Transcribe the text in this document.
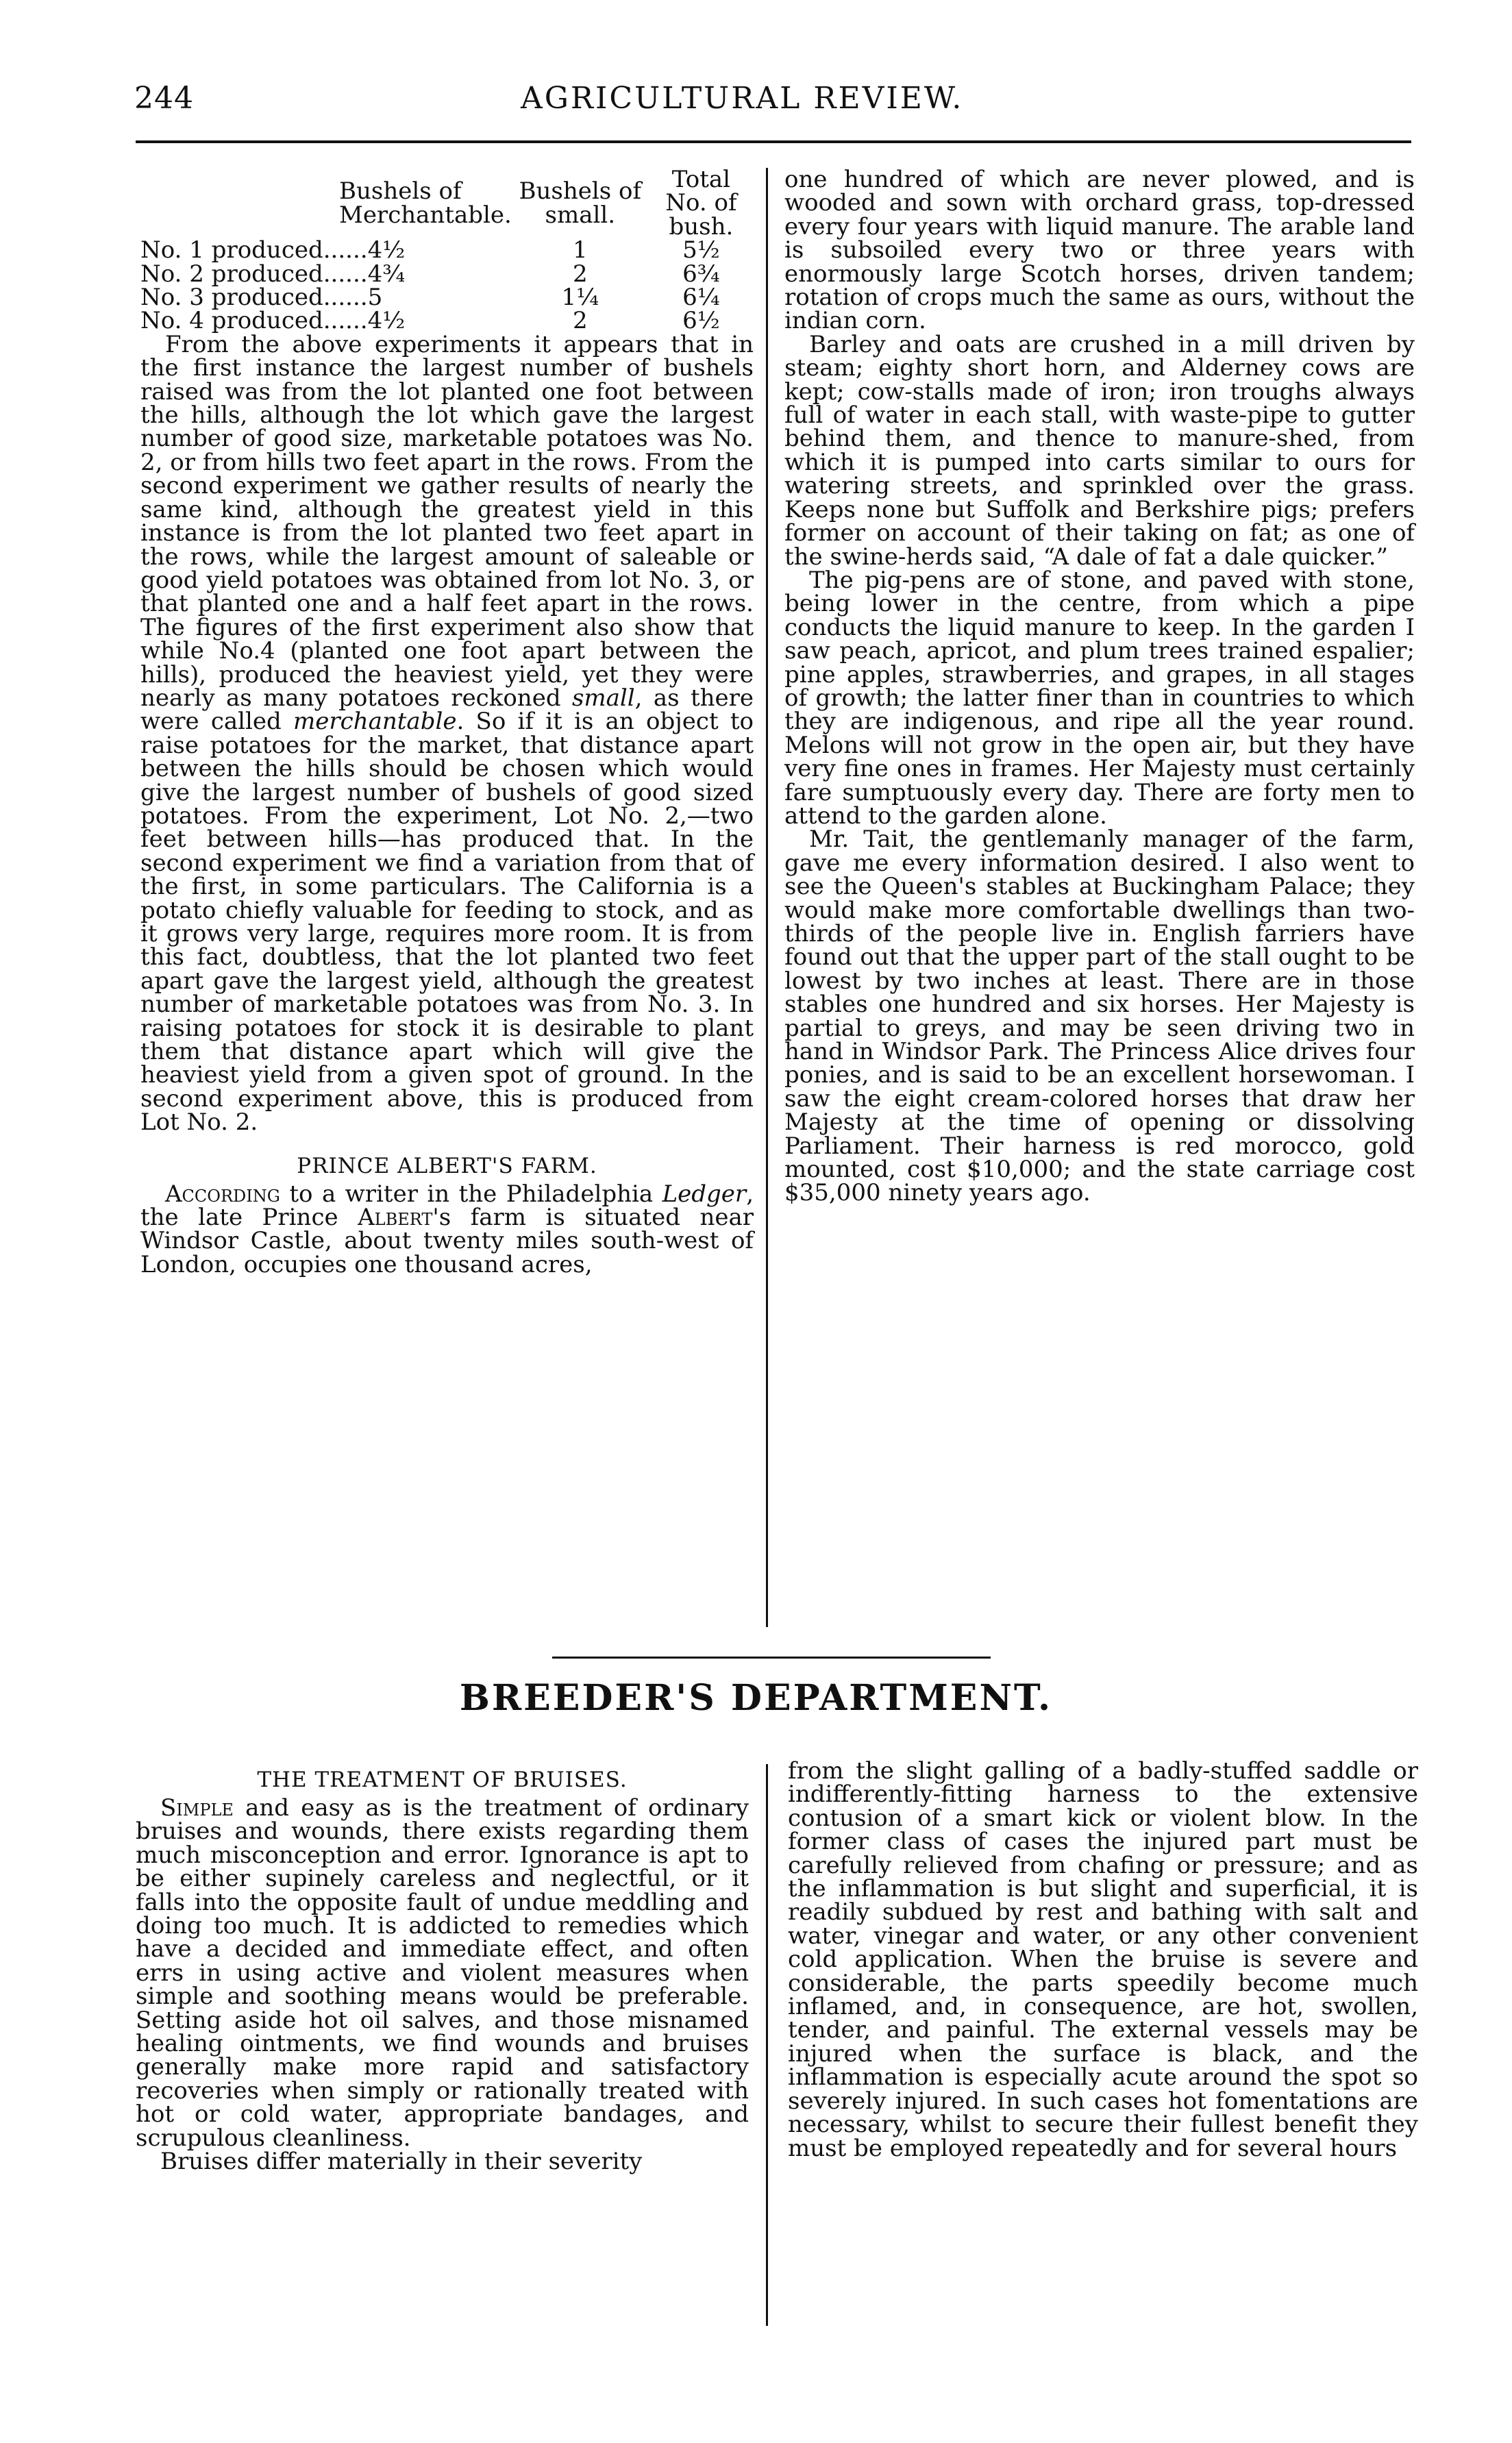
244	AGRICULTURAL REVIEW.
	Bushels of Merchantable.	Bushels of small.	Total No. of bush.
No. 1 produced......4½		1	5½
No. 2 produced......4¾		2	6¾
No. 3 produced......5		1¼	6¼
No. 4 produced......4½		2	6½

From the above experiments it appears that in the first instance the largest number of bushels raised was from the lot planted one foot between the hills, although the lot which gave the largest number of good size, marketable potatoes was No. 2, or from hills two feet apart in the rows. From the second experiment we gather results of nearly the same kind, although the greatest yield in this instance is from the lot planted two feet apart in the rows, while the largest amount of saleable or good yield potatoes was obtained from lot No. 3, or that planted one and a half feet apart in the rows. The figures of the first experiment also show that while No.4 (planted one foot apart between the hills), produced the heaviest yield, yet they were nearly as many potatoes reckoned small, as there were called merchantable. So if it is an object to raise potatoes for the market, that distance apart between the hills should be chosen which would give the largest number of bushels of good sized potatoes. From the experiment, Lot No. 2,—two feet between hills—has produced that. In the second experiment we find a variation from that of the first, in some particulars. The California is a potato chiefly valuable for feeding to stock, and as it grows very large, requires more room. It is from this fact, doubtless, that the lot planted two feet apart gave the largest yield, although the greatest number of marketable potatoes was from No. 3. In raising potatoes for stock it is desirable to plant them that distance apart which will give the heaviest yield from a given spot of ground. In the second experiment above, this is produced from Lot No. 2.

PRINCE ALBERT'S FARM.

According to a writer in the Philadelphia Ledger, the late Prince Albert's farm is situated near Windsor Castle, about twenty miles south-west of London, occupies one thousand acres,

one hundred of which are never plowed, and is wooded and sown with orchard grass, top-dressed every four years with liquid manure. The arable land is subsoiled every two or three years with enormously large Scotch horses, driven tandem; rotation of crops much the same as ours, without the indian corn.

Barley and oats are crushed in a mill driven by steam; eighty short horn, and Alderney cows are kept; cow-stalls made of iron; iron troughs always full of water in each stall, with waste-pipe to gutter behind them, and thence to manure-shed, from which it is pumped into carts similar to ours for watering streets, and sprinkled over the grass. Keeps none but Suffolk and Berkshire pigs; prefers former on account of their taking on fat; as one of the swine-herds said, “A dale of fat a dale quicker.”

The pig-pens are of stone, and paved with stone, being lower in the centre, from which a pipe conducts the liquid manure to keep. In the garden I saw peach, apricot, and plum trees trained espalier; pine apples, strawberries, and grapes, in all stages of growth; the latter finer than in countries to which they are indigenous, and ripe all the year round. Melons will not grow in the open air, but they have very fine ones in frames. Her Majesty must certainly fare sumptuously every day. There are forty men to attend to the garden alone.

Mr. Tait, the gentlemanly manager of the farm, gave me every information desired. I also went to see the Queen's stables at Buckingham Palace; they would make more comfortable dwellings than two-thirds of the people live in. English farriers have found out that the upper part of the stall ought to be lowest by two inches at least. There are in those stables one hundred and six horses. Her Majesty is partial to greys, and may be seen driving two in hand in Windsor Park. The Princess Alice drives four ponies, and is said to be an excellent horsewoman. I saw the eight cream-colored horses that draw her Majesty at the time of opening or dissolving Parliament. Their harness is red morocco, gold mounted, cost $10,000; and the state carriage cost $35,000 ninety years ago.

BREEDER'S DEPARTMENT.
THE TREATMENT OF BRUISES.

Simple and easy as is the treatment of ordinary bruises and wounds, there exists regarding them much misconception and error. Ignorance is apt to be either supinely careless and neglectful, or it falls into the opposite fault of undue meddling and doing too much. It is addicted to remedies which have a decided and immediate effect, and often errs in using active and violent measures when simple and soothing means would be preferable. Setting aside hot oil salves, and those misnamed healing ointments, we find wounds and bruises generally make more rapid and satisfactory recoveries when simply or rationally treated with hot or cold water, appropriate bandages, and scrupulous cleanliness.

Bruises differ materially in their severity

from the slight galling of a badly-stuffed saddle or indifferently-fitting harness to the extensive contusion of a smart kick or violent blow. In the former class of cases the injured part must be carefully relieved from chafing or pressure; and as the inflammation is but slight and superficial, it is readily subdued by rest and bathing with salt and water, vinegar and water, or any other convenient cold application. When the bruise is severe and considerable, the parts speedily become much inflamed, and, in consequence, are hot, swollen, tender, and painful. The external vessels may be injured when the surface is black, and the inflammation is especially acute around the spot so severely injured. In such cases hot fomentations are necessary, whilst to secure their fullest benefit they must be employed repeatedly and for several hours
